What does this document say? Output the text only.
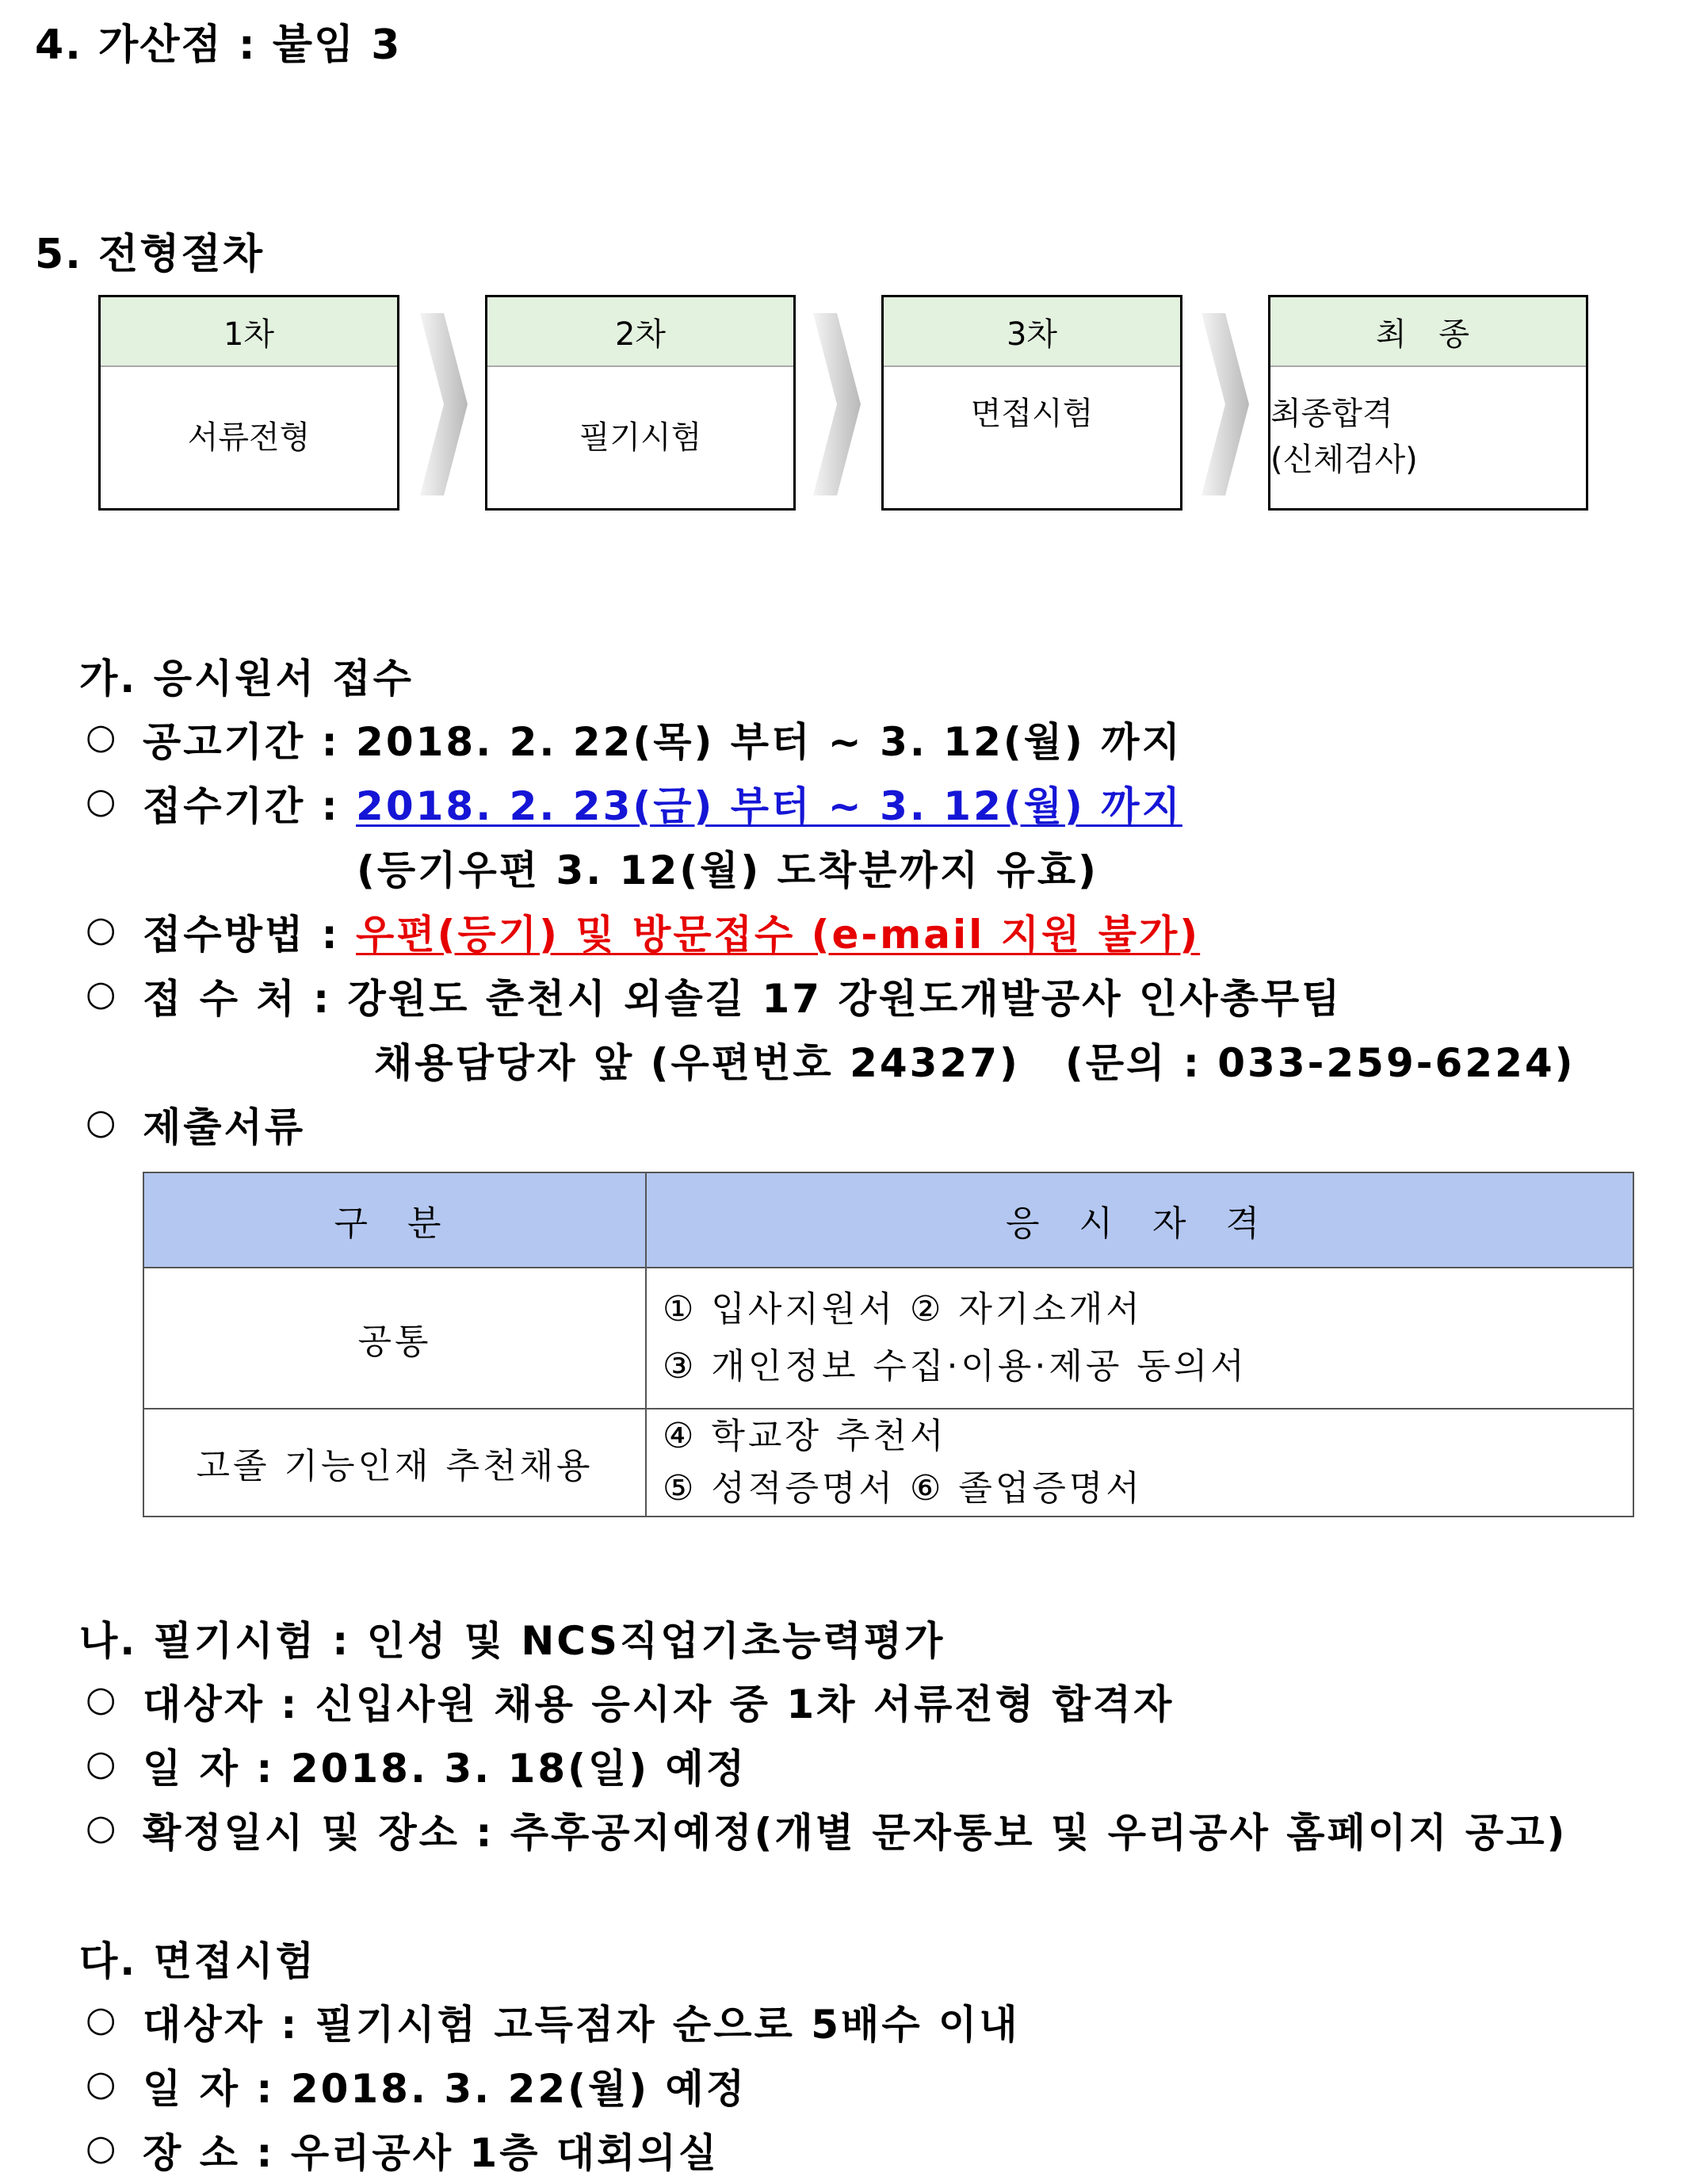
4. 가산점 : 붙임 3
5. 전형절차
1차
서류전형
2차
필기시험
3차
면접시험
최 종
최종합격
(신체검사)
가. 응시원서 접수
○ 공고기간 : 2018. 2. 22(목) 부터 ~ 3. 12(월) 까지
○ 접수기간 : 2018. 2. 23(금) 부터 ~ 3. 12(월) 까지
(등기우편 3. 12(월) 도착분까지 유효)
○ 접수방법 : 우편(등기) 및 방문접수 (e-mail 지원 불가)
○ 접 수 처 : 강원도 춘천시 외솔길 17 강원도개발공사 인사총무팀
채용담당자 앞 (우편번호 24327) (문의 : 033-259-6224)
○ 제출서류
구 분	응 시 자 격
공통	① 입사지원서 ② 자기소개서
③ 개인정보 수집·이용·제공 동의서

고졸 기능인재 추천채용	④ 학교장 추천서
⑤ 성적증명서 ⑥ 졸업증명서
나. 필기시험 : 인성 및 NCS직업기초능력평가
○ 대상자 : 신입사원 채용 응시자 중 1차 서류전형 합격자
○ 일 자 : 2018. 3. 18(일) 예정
○ 확정일시 및 장소 : 추후공지예정(개별 문자통보 및 우리공사 홈페이지 공고)
다. 면접시험
○ 대상자 : 필기시험 고득점자 순으로 5배수 이내
○ 일 자 : 2018. 3. 22(월) 예정
○ 장 소 : 우리공사 1층 대회의실
